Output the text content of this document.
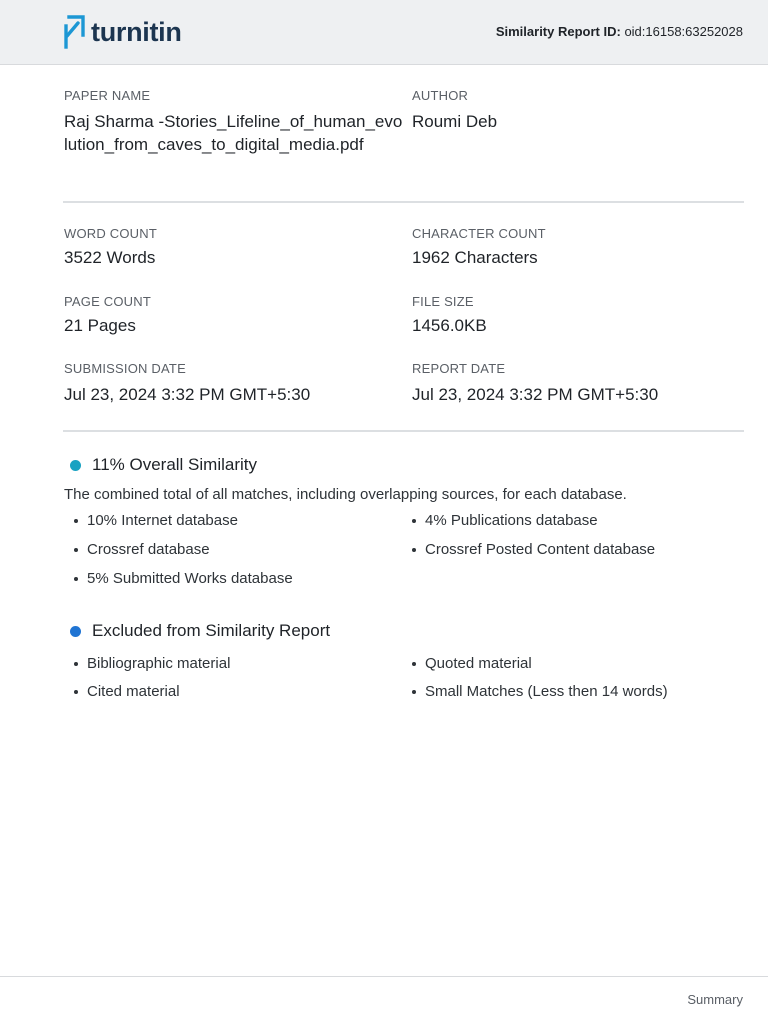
turnitin	Similarity Report ID: oid:16158:63252028
PAPER NAME
Raj Sharma -Stories_Lifeline_of_human_evolution_from_caves_to_digital_media.pdf
AUTHOR
Roumi Deb
WORD COUNT
3522 Words
CHARACTER COUNT
1962 Characters
PAGE COUNT
21 Pages
FILE SIZE
1456.0KB
SUBMISSION DATE
Jul 23, 2024 3:32 PM GMT+5:30
REPORT DATE
Jul 23, 2024 3:32 PM GMT+5:30
11% Overall Similarity
The combined total of all matches, including overlapping sources, for each database.
10% Internet database
Crossref database
5% Submitted Works database
4% Publications database
Crossref Posted Content database
Excluded from Similarity Report
Bibliographic material
Cited material
Quoted material
Small Matches (Less then 14 words)
Summary
